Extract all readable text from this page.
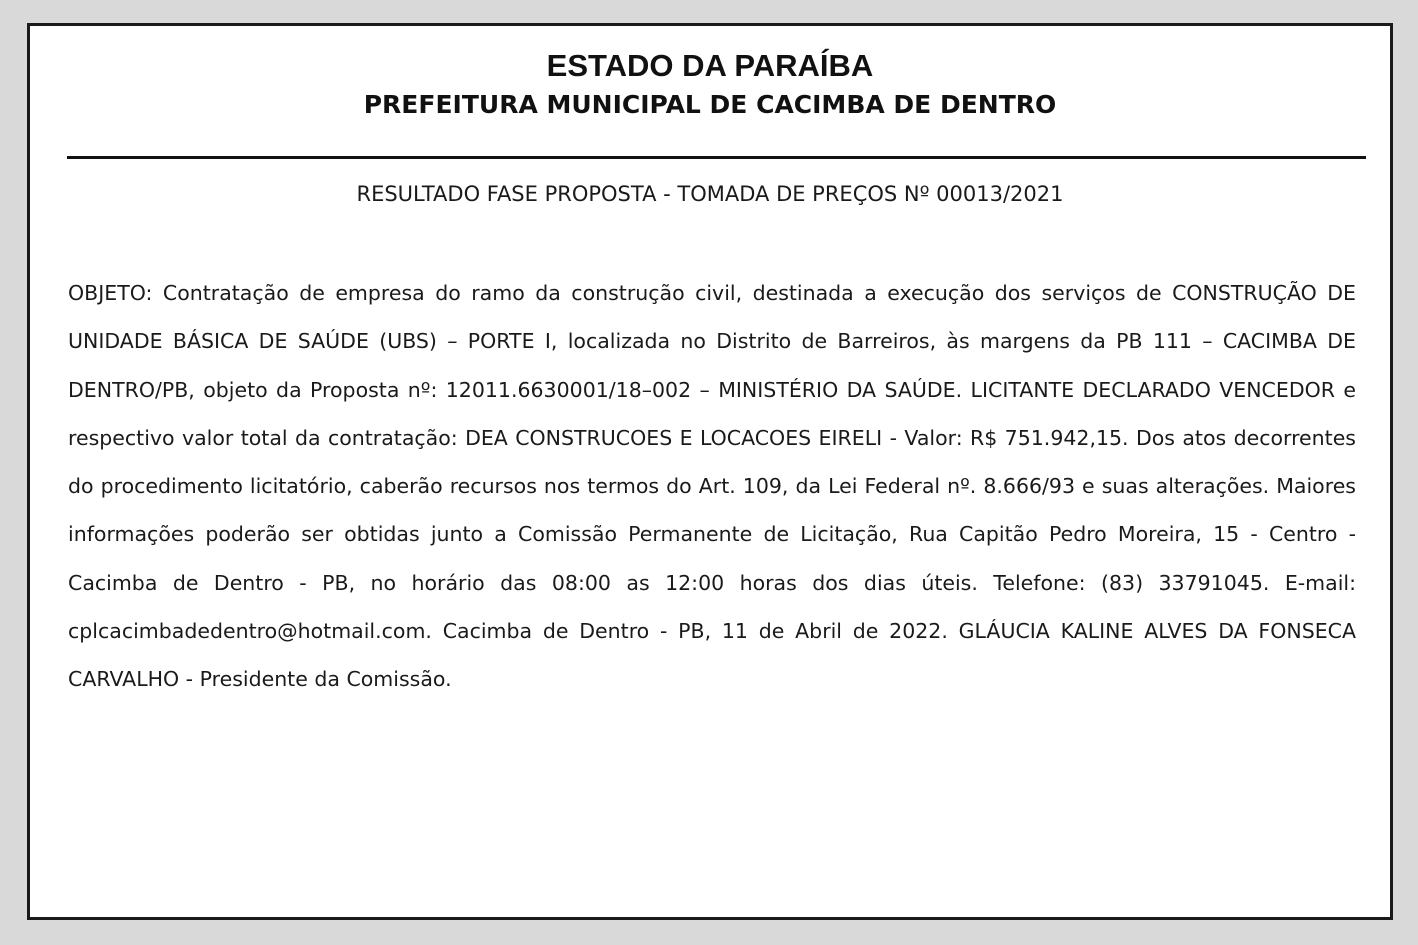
ESTADO DA PARAÍBA
PREFEITURA MUNICIPAL DE CACIMBA DE DENTRO
RESULTADO FASE PROPOSTA - TOMADA DE PREÇOS Nº 00013/2021

OBJETO: Contratação de empresa do ramo da construção civil, destinada a execução dos serviços de CONSTRUÇÃO DE UNIDADE BÁSICA DE SAÚDE (UBS) – PORTE I, localizada no Distrito de Barreiros, às margens da PB 111 – CACIMBA DE DENTRO/PB, objeto da Proposta nº: 12011.6630001/18–002 – MINISTÉRIO DA SAÚDE. LICITANTE DECLARADO VENCEDOR e respectivo valor total da contratação: DEA CONSTRUCOES E LOCACOES EIRELI - Valor: R$ 751.942,15. Dos atos decorrentes do procedimento licitatório, caberão recursos nos termos do Art. 109, da Lei Federal nº. 8.666/93 e suas alterações. Maiores informações poderão ser obtidas junto a Comissão Permanente de Licitação, Rua Capitão Pedro Moreira, 15 - Centro - Cacimba de Dentro - PB, no horário das 08:00 as 12:00 horas dos dias úteis. Telefone: (83) 33791045. E-mail: cplcacimbadedentro@hotmail.com. Cacimba de Dentro - PB, 11 de Abril de 2022. GLÁUCIA KALINE ALVES DA FONSECA CARVALHO - Presidente da Comissão.
